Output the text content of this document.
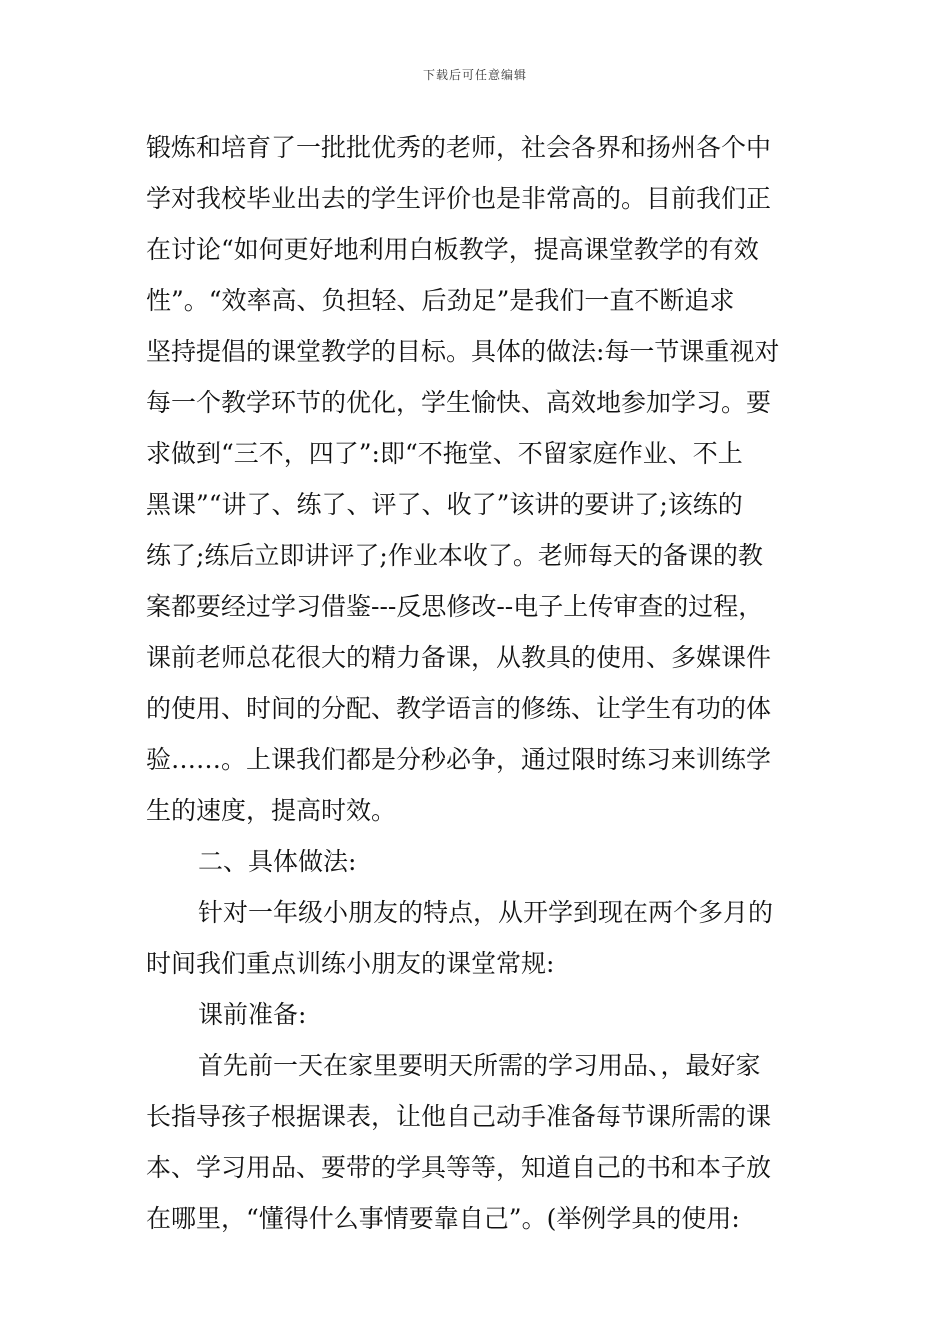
下载后可任意编辑
锻炼和培育了一批批优秀的老师，社会各界和扬州各个中
学对我校毕业出去的学生评价也是非常高的。目前我们正
在讨论“如何更好地利用白板教学，提高课堂教学的有效
性”。“效率高、负担轻、后劲足”是我们一直不断追求
坚持提倡的课堂教学的目标。具体的做法:每一节课重视对
每一个教学环节的优化，学生愉快、高效地参加学习。要
求做到“三不，四了”:即“不拖堂、不留家庭作业、不上
黑课”“讲了、练了、评了、收了”该讲的要讲了;该练的
练了;练后立即讲评了;作业本收了。老师每天的备课的教
案都要经过学习借鉴---反思修改--电子上传审查的过程，
课前老师总花很大的精力备课，从教具的使用、多媒课件
的使用、时间的分配、教学语言的修练、让学生有功的体
验……。上课我们都是分秒必争，通过限时练习来训练学
生的速度，提高时效。
二、具体做法:
针对一年级小朋友的特点，从开学到现在两个多月的
时间我们重点训练小朋友的课堂常规:
课前准备:
首先前一天在家里要明天所需的学习用品、，最好家
长指导孩子根据课表，让他自己动手准备每节课所需的课
本、学习用品、要带的学具等等，知道自己的书和本子放
在哪里，“懂得什么事情要靠自己”。(举例学具的使用:
